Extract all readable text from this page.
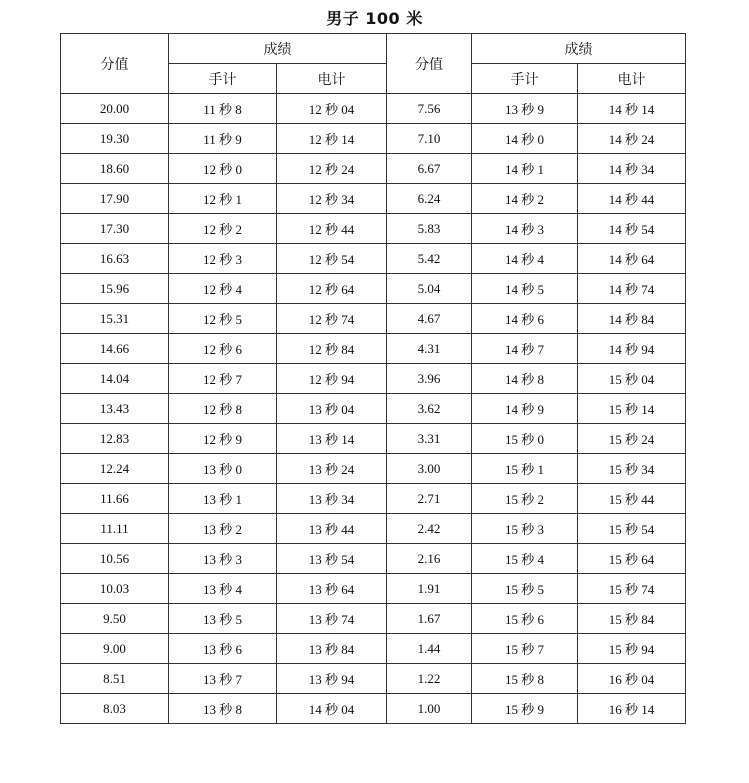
男子 100 米
分值	成绩		分值	成绩	
	手计	电计		手计	电计
20.00	11 秒 8	12 秒 04	7.56	13 秒 9	14 秒 14
19.30	11 秒 9	12 秒 14	7.10	14 秒 0	14 秒 24
18.60	12 秒 0	12 秒 24	6.67	14 秒 1	14 秒 34
17.90	12 秒 1	12 秒 34	6.24	14 秒 2	14 秒 44
17.30	12 秒 2	12 秒 44	5.83	14 秒 3	14 秒 54
16.63	12 秒 3	12 秒 54	5.42	14 秒 4	14 秒 64
15.96	12 秒 4	12 秒 64	5.04	14 秒 5	14 秒 74
15.31	12 秒 5	12 秒 74	4.67	14 秒 6	14 秒 84
14.66	12 秒 6	12 秒 84	4.31	14 秒 7	14 秒 94
14.04	12 秒 7	12 秒 94	3.96	14 秒 8	15 秒 04
13.43	12 秒 8	13 秒 04	3.62	14 秒 9	15 秒 14
12.83	12 秒 9	13 秒 14	3.31	15 秒 0	15 秒 24
12.24	13 秒 0	13 秒 24	3.00	15 秒 1	15 秒 34
11.66	13 秒 1	13 秒 34	2.71	15 秒 2	15 秒 44
11.11	13 秒 2	13 秒 44	2.42	15 秒 3	15 秒 54
10.56	13 秒 3	13 秒 54	2.16	15 秒 4	15 秒 64
10.03	13 秒 4	13 秒 64	1.91	15 秒 5	15 秒 74
9.50	13 秒 5	13 秒 74	1.67	15 秒 6	15 秒 84
9.00	13 秒 6	13 秒 84	1.44	15 秒 7	15 秒 94
8.51	13 秒 7	13 秒 94	1.22	15 秒 8	16 秒 04
8.03	13 秒 8	14 秒 04	1.00	15 秒 9	16 秒 14
